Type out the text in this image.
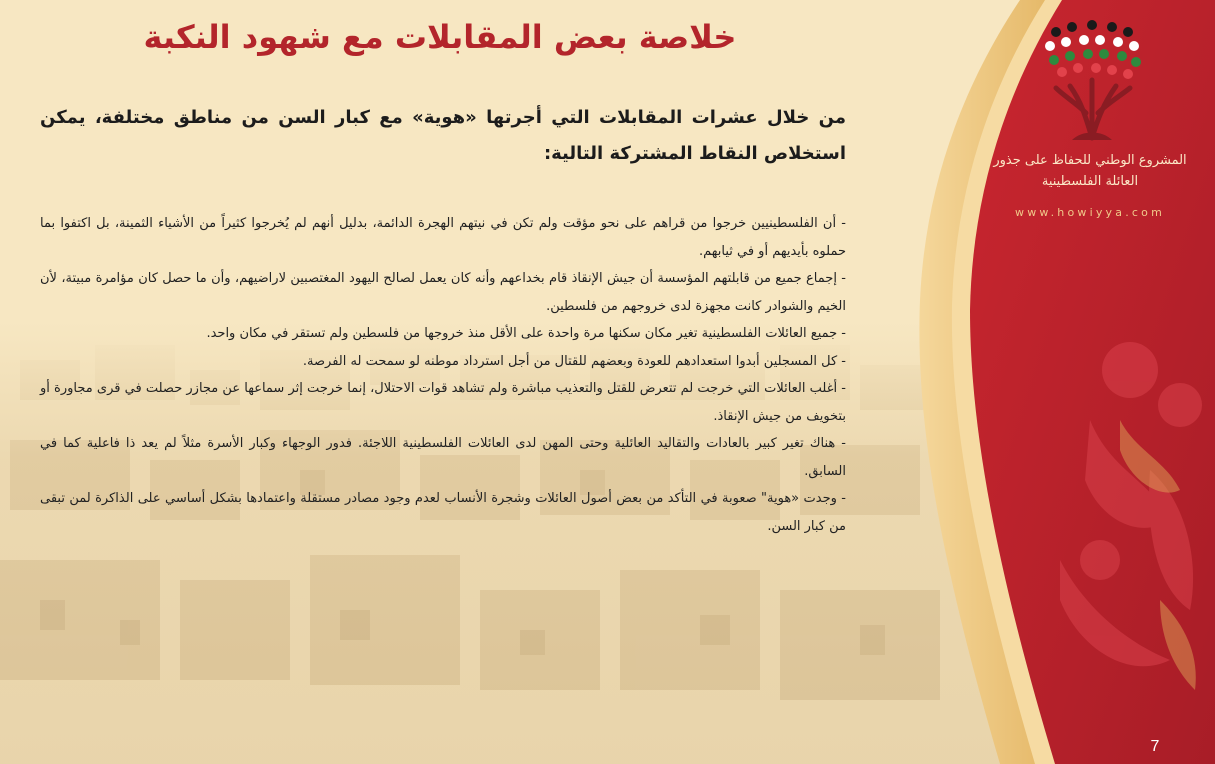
المشروع الوطني للحفاظ على جذور العائلة الفلسطينية
www.howiyya.com
خلاصة بعض المقابلات مع شهود النكبة
من خلال عشرات المقابلات التي أجرتها «هوية» مع كبار السن من مناطق مختلفة، يمكن استخلاص النقاط المشتركة التالية:
- أن الفلسطينيين خرجوا من قراهم على نحو مؤقت ولم تكن في نيتهم الهجرة الدائمة، بدليل أنهم لم يُخرجوا كثيراً من الأشياء الثمينة، بل اكتفوا بما حملوه بأيديهم أو في ثيابهم.
- إجماع جميع من قابلتهم المؤسسة أن جيش الإنقاذ قام بخداعهم وأنه كان يعمل لصالح اليهود المغتصبين لاراضيهم، وأن ما حصل كان مؤامرة مبيتة، لأن الخيم والشوادر كانت مجهزة لدى خروجهم من فلسطين.
- جميع العائلات الفلسطينية تغير مكان سكنها مرة واحدة على الأقل منذ خروجها من فلسطين ولم تستقر في مكان واحد.
- كل المسجلين أبدوا استعدادهم للعودة وبعضهم للقتال من أجل استرداد موطنه لو سمحت له الفرصة.
- أغلب العائلات التي خرجت لم تتعرض للقتل والتعذيب مباشرة ولم تشاهد قوات الاحتلال، إنما خرجت إثر سماعها عن مجازر حصلت في قرى مجاورة أو بتخويف من جيش الإنقاذ.
- هناك تغير كبير بالعادات والتقاليد العائلية وحتى المهن لدى العائلات الفلسطينية اللاجئة. فدور الوجهاء وكبار الأسرة مثلاً لم يعد ذا فاعلية كما في السابق.
- وجدت «هوية" صعوبة في التأكد من بعض أصول العائلات وشجرة الأنساب لعدم وجود مصادر مستقلة واعتمادها بشكل أساسي على الذاكرة لمن تبقى من كبار السن.
7
